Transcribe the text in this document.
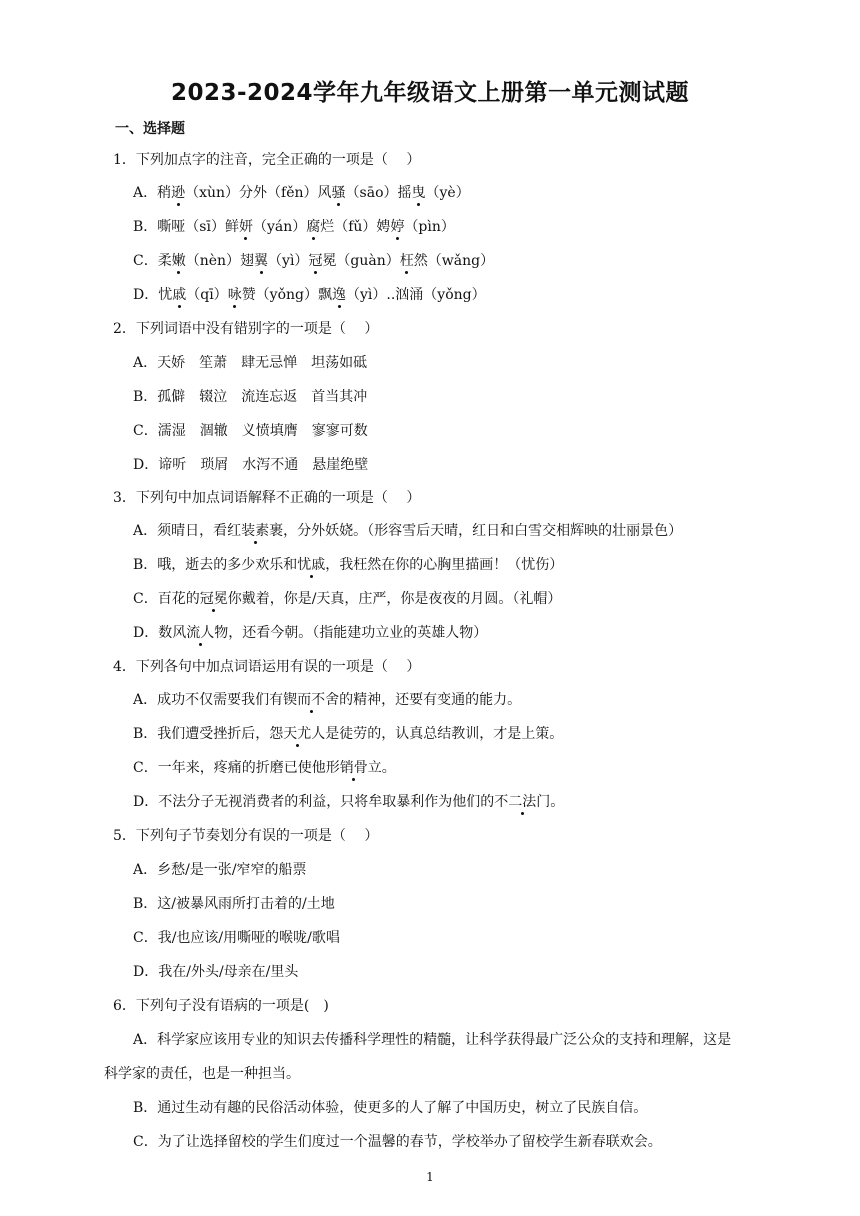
2023-2024学年九年级语文上册第一单元测试题
一、选择题
1．下列加点字的注音，完全正确的一项是（　 ）
A．稍逊（xùn）分外（fěn）风骚（sāo）摇曳（yè）
B．嘶哑（sī）鲜妍（yán）腐烂（fǔ）娉婷（pìn）
C．柔嫩（nèn）翅翼（yì）冠冕（guàn）枉然（wǎng）
D．忧戚（qī）咏赞（yǒng）飘逸（yì）..汹涌（yǒng）
2．下列词语中没有错别字的一项是（　 ）
A．天娇 笙萧 肆无忌惮 坦荡如砥
B．孤僻 辍泣 流连忘返 首当其冲
C．濡湿 涸辙 义愤填膺 寥寥可数
D．谛听 琐屑 水泻不通 悬崖绝壁
3．下列句中加点词语解释不正确的一项是（　 ）
A．须晴日，看红装素裹，分外妖娆。（形容雪后天晴，红日和白雪交相辉映的壮丽景色）
B．哦，逝去的多少欢乐和忧戚，我枉然在你的心胸里描画！（忧伤）
C．百花的冠冕你戴着，你是/天真，庄严，你是夜夜的月圆。（礼帽）
D．数风流人物，还看今朝。（指能建功立业的英雄人物）
4．下列各句中加点词语运用有误的一项是（　 ）
A．成功不仅需要我们有锲而不舍的精神，还要有变通的能力。
B．我们遭受挫折后，怨天尤人是徒劳的，认真总结教训，才是上策。
C．一年来，疼痛的折磨已使他形销骨立。
D．不法分子无视消费者的利益，只将牟取暴利作为他们的不二法门。
5．下列句子节奏划分有误的一项是（　 ）
A．乡愁/是一张/窄窄的船票
B．这/被暴风雨所打击着的/土地
C．我/也应该/用嘶哑的喉咙/歌唱
D．我在/外头/母亲在/里头
6．下列句子没有语病的一项是(　)
A．科学家应该用专业的知识去传播科学理性的精髓，让科学获得最广泛公众的支持和理解，这是
科学家的责任，也是一种担当。
B．通过生动有趣的民俗活动体验，使更多的人了解了中国历史，树立了民族自信。
C．为了让选择留校的学生们度过一个温馨的春节，学校举办了留校学生新春联欢会。
1
